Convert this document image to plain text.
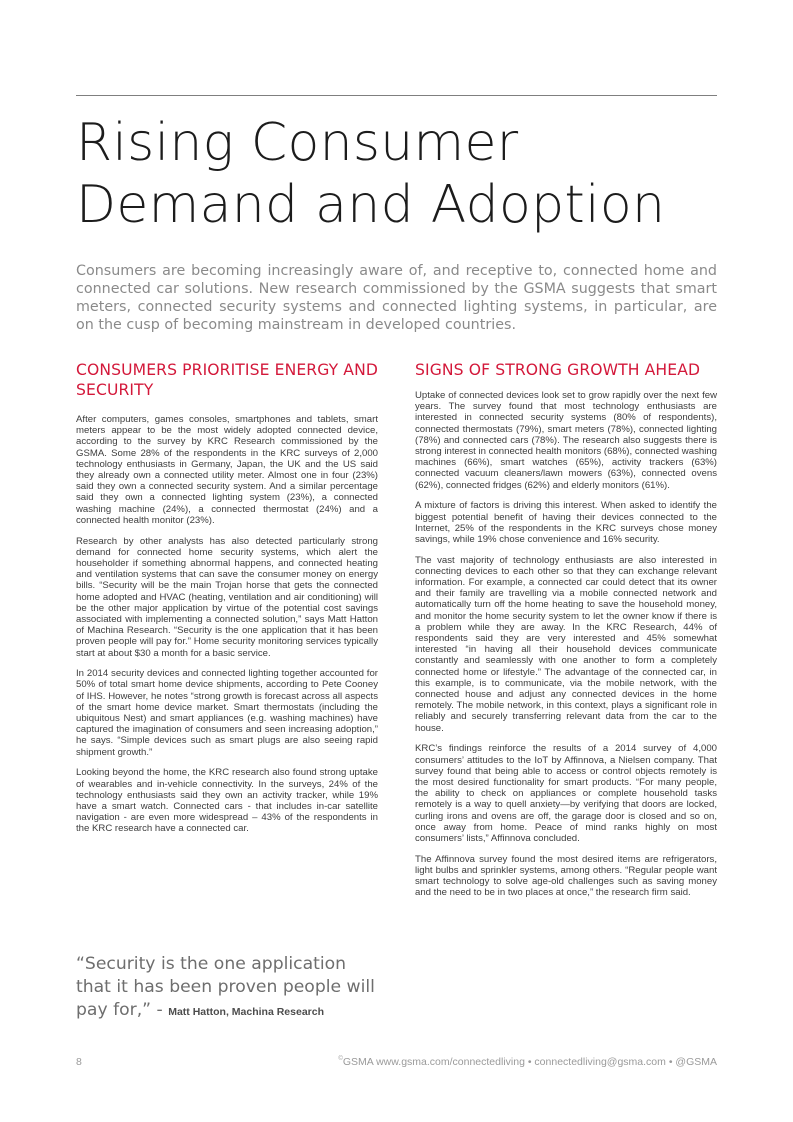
Rising Consumer
Demand and Adoption

Consumers are becoming increasingly aware of, and receptive to, connected home and connected car solutions. New research commissioned by the GSMA suggests that smart meters, connected security systems and connected lighting systems, in particular, are on the cusp of becoming mainstream in developed countries.

CONSUMERS PRIORITISE ENERGY AND SECURITY

After computers, games consoles, smartphones and tablets, smart meters appear to be the most widely adopted connected device, according to the survey by KRC Research commissioned by the GSMA. Some 28% of the respondents in the KRC surveys of 2,000 technology enthusiasts in Germany, Japan, the UK and the US said they already own a connected utility meter. Almost one in four (23%) said they own a connected security system. And a similar percentage said they own a connected lighting system (23%), a connected washing machine (24%), a connected thermostat (24%) and a connected health monitor (23%).

Research by other analysts has also detected particularly strong demand for connected home security systems, which alert the householder if something abnormal happens, and connected heating and ventilation systems that can save the consumer money on energy bills. “Security will be the main Trojan horse that gets the connected home adopted and HVAC (heating, ventilation and air conditioning) will be the other major application by virtue of the potential cost savings associated with implementing a connected solution,” says Matt Hatton of Machina Research. “Security is the one application that it has been proven people will pay for.” Home security monitoring services typically start at about $30 a month for a basic service.

In 2014 security devices and connected lighting together accounted for 50% of total smart home device shipments, according to Pete Cooney of IHS. However, he notes “strong growth is forecast across all aspects of the smart home device market. Smart thermostats (including the ubiquitous Nest) and smart appliances (e.g. washing machines) have captured the imagination of consumers and seen increasing adoption,” he says. “Simple devices such as smart plugs are also seeing rapid shipment growth.”

Looking beyond the home, the KRC research also found strong uptake of wearables and in-vehicle connectivity. In the surveys, 24% of the technology enthusiasts said they own an activity tracker, while 19% have a smart watch. Connected cars - that includes in-car satellite navigation - are even more widespread – 43% of the respondents in the KRC research have a connected car.

SIGNS OF STRONG GROWTH AHEAD

Uptake of connected devices look set to grow rapidly over the next few years. The survey found that most technology enthusiasts are interested in connected security systems (80% of respondents), connected thermostats (79%), smart meters (78%), connected lighting (78%) and connected cars (78%). The research also suggests there is strong interest in connected health monitors (68%), connected washing machines (66%), smart watches (65%), activity trackers (63%) connected vacuum cleaners/lawn mowers (63%), connected ovens (62%), connected fridges (62%) and elderly monitors (61%).

A mixture of factors is driving this interest. When asked to identify the biggest potential benefit of having their devices connected to the Internet, 25% of the respondents in the KRC surveys chose money savings, while 19% chose convenience and 16% security.

The vast majority of technology enthusiasts are also interested in connecting devices to each other so that they can exchange relevant information. For example, a connected car could detect that its owner and their family are travelling via a mobile connected network and automatically turn off the home heating to save the household money, and monitor the home security system to let the owner know if there is a problem while they are away. In the KRC Research, 44% of respondents said they are very interested and 45% somewhat interested “in having all their household devices communicate constantly and seamlessly with one another to form a completely connected home or lifestyle.” The advantage of the connected car, in this example, is to communicate, via the mobile network, with the connected house and adjust any connected devices in the home remotely. The mobile network, in this context, plays a significant role in reliably and securely transferring relevant data from the car to the house.

KRC’s findings reinforce the results of a 2014 survey of 4,000 consumers’ attitudes to the IoT by Affinnova, a Nielsen company. That survey found that being able to access or control objects remotely is the most desired functionality for smart products. “For many people, the ability to check on appliances or complete household tasks remotely is a way to quell anxiety—by verifying that doors are locked, curling irons and ovens are off, the garage door is closed and so on, once away from home. Peace of mind ranks highly on most consumers’ lists,” Affinnova concluded.

The Affinnova survey found the most desired items are refrigerators, light bulbs and sprinkler systems, among others. “Regular people want smart technology to solve age-old challenges such as saving money and the need to be in two places at once,” the research firm said.

“Security is the one application that it has been proven people will pay for,” - Matt Hatton, Machina Research

8	©GSMA www.gsma.com/connectedliving • connectedliving@gsma.com • @GSMA
